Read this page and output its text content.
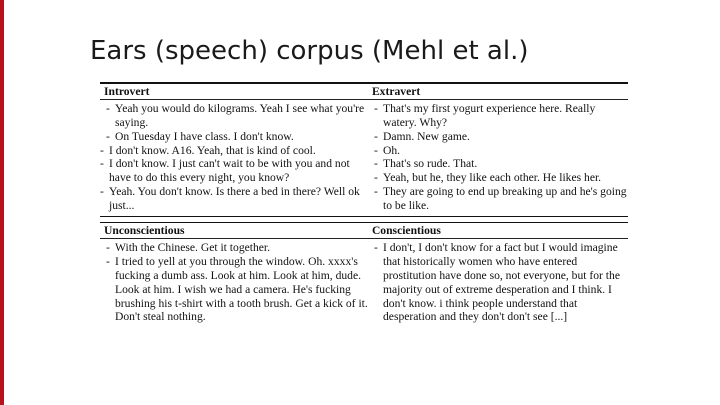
Ears (speech) corpus (Mehl et al.)
Introvert	Extravert
- Yeah you would do kilograms. Yeah I see what you're saying.
- On Tuesday I have class. I don't know.
- I don't know. A16. Yeah, that is kind of cool.
- I don't know. I just can't wait to be with you and not have to do this every night, you know?
- Yeah. You don't know. Is there a bed in there? Well ok just...
- That's my first yogurt experience here. Really watery. Why?
- Damn. New game.
- Oh.
- That's so rude. That.
- Yeah, but he, they like each other. He likes her.
- They are going to end up breaking up and he's going to be like.
Unconscientious	Conscientious
- With the Chinese. Get it together.
- I tried to yell at you through the window. Oh. xxxx's fucking a dumb ass. Look at him. Look at him, dude. Look at him. I wish we had a camera. He's fucking brushing his t-shirt with a tooth brush. Get a kick of it. Don't steal nothing.
- I don't, I don't know for a fact but I would imagine that historically women who have entered prostitution have done so, not everyone, but for the majority out of extreme desperation and I think. I don't know. i think people understand that desperation and they don't don't see [...]
